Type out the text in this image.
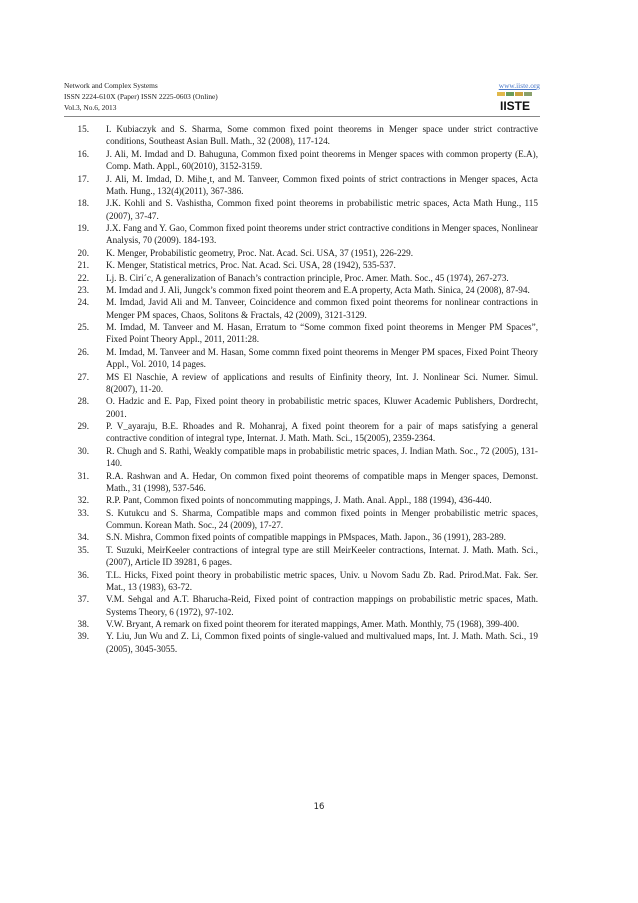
Network and Complex Systems
ISSN 2224-610X (Paper) ISSN 2225-0603 (Online)
Vol.3, No.6, 2013
www.iiste.org
IISTE
15.	I. Kubiaczyk and S. Sharma, Some common fixed point theorems in Menger space under strict contractive conditions, Southeast Asian Bull. Math., 32 (2008), 117-124.
16.	J. Ali, M. Imdad and D. Bahuguna, Common fixed point theorems in Menger spaces with common property (E.A), Comp. Math. Appl., 60(2010), 3152-3159.
17.	J. Ali, M. Imdad, D. Mihe¸t, and M. Tanveer, Common fixed points of strict contractions in Menger spaces, Acta Math. Hung., 132(4)(2011), 367-386.
18.	J.K. Kohli and S. Vashistha, Common fixed point theorems in probabilistic metric spaces, Acta Math Hung., 115 (2007), 37-47.
19.	J.X. Fang and Y. Gao, Common fixed point theorems under strict contractive conditions in Menger spaces, Nonlinear Analysis, 70 (2009). 184-193.
20.	K. Menger, Probabilistic geometry, Proc. Nat. Acad. Sci. USA, 37 (1951), 226-229.
21.	K. Menger, Statistical metrics, Proc. Nat. Acad. Sci. USA, 28 (1942), 535-537.
22.	Lj. B. Ciri´c, A generalization of Banach’s contraction principle, Proc. Amer. Math. Soc., 45 (1974), 267-273.
23.	M. Imdad and J. Ali, Jungck’s common fixed point theorem and E.A property, Acta Math. Sinica, 24 (2008), 87-94.
24.	M. Imdad, Javid Ali and M. Tanveer, Coincidence and common fixed point theorems for nonlinear contractions in Menger PM spaces, Chaos, Solitons & Fractals, 42 (2009), 3121-3129.
25.	M. Imdad, M. Tanveer and M. Hasan, Erratum to “Some common fixed point theorems in Menger PM Spaces”, Fixed Point Theory Appl., 2011, 2011:28.
26.	M. Imdad, M. Tanveer and M. Hasan, Some commn fixed point theorems in Menger PM spaces, Fixed Point Theory Appl., Vol. 2010, 14 pages.
27.	MS El Naschie, A review of applications and results of Einfinity theory, Int. J. Nonlinear Sci. Numer. Simul. 8(2007), 11-20.
28.	O. Hadzic and E. Pap, Fixed point theory in probabilistic metric spaces, Kluwer Academic Publishers, Dordrecht, 2001.
29.	P. V_ayaraju, B.E. Rhoades and R. Mohanraj, A fixed point theorem for a pair of maps satisfying a general contractive condition of integral type, Internat. J. Math. Math. Sci., 15(2005), 2359-2364.
30.	R. Chugh and S. Rathi, Weakly compatible maps in probabilistic metric spaces, J. Indian Math. Soc., 72 (2005), 131-140.
31.	R.A. Rashwan and A. Hedar, On common fixed point theorems of compatible maps in Menger spaces, Demonst. Math., 31 (1998), 537-546.
32.	R.P. Pant, Common fixed points of noncommuting mappings, J. Math. Anal. Appl., 188 (1994), 436-440.
33.	S. Kutukcu and S. Sharma, Compatible maps and common fixed points in Menger probabilistic metric spaces, Commun. Korean Math. Soc., 24 (2009), 17-27.
34.	S.N. Mishra, Common fixed points of compatible mappings in PMspaces, Math. Japon., 36 (1991), 283-289.
35.	T. Suzuki, MeirKeeler contractions of integral type are still MeirKeeler contractions, Internat. J. Math. Math. Sci., (2007), Article ID 39281, 6 pages.
36.	T.L. Hicks, Fixed point theory in probabilistic metric spaces, Univ. u Novom Sadu Zb. Rad. Prirod.Mat. Fak. Ser. Mat., 13 (1983), 63-72.
37.	V.M. Sehgal and A.T. Bharucha-Reid, Fixed point of contraction mappings on probabilistic metric spaces, Math. Systems Theory, 6 (1972), 97-102.
38.	V.W. Bryant, A remark on fixed point theorem for iterated mappings, Amer. Math. Monthly, 75 (1968), 399-400.
39.	Y. Liu, Jun Wu and Z. Li, Common fixed points of single-valued and multivalued maps, Int. J. Math. Math. Sci., 19 (2005), 3045-3055.
16
